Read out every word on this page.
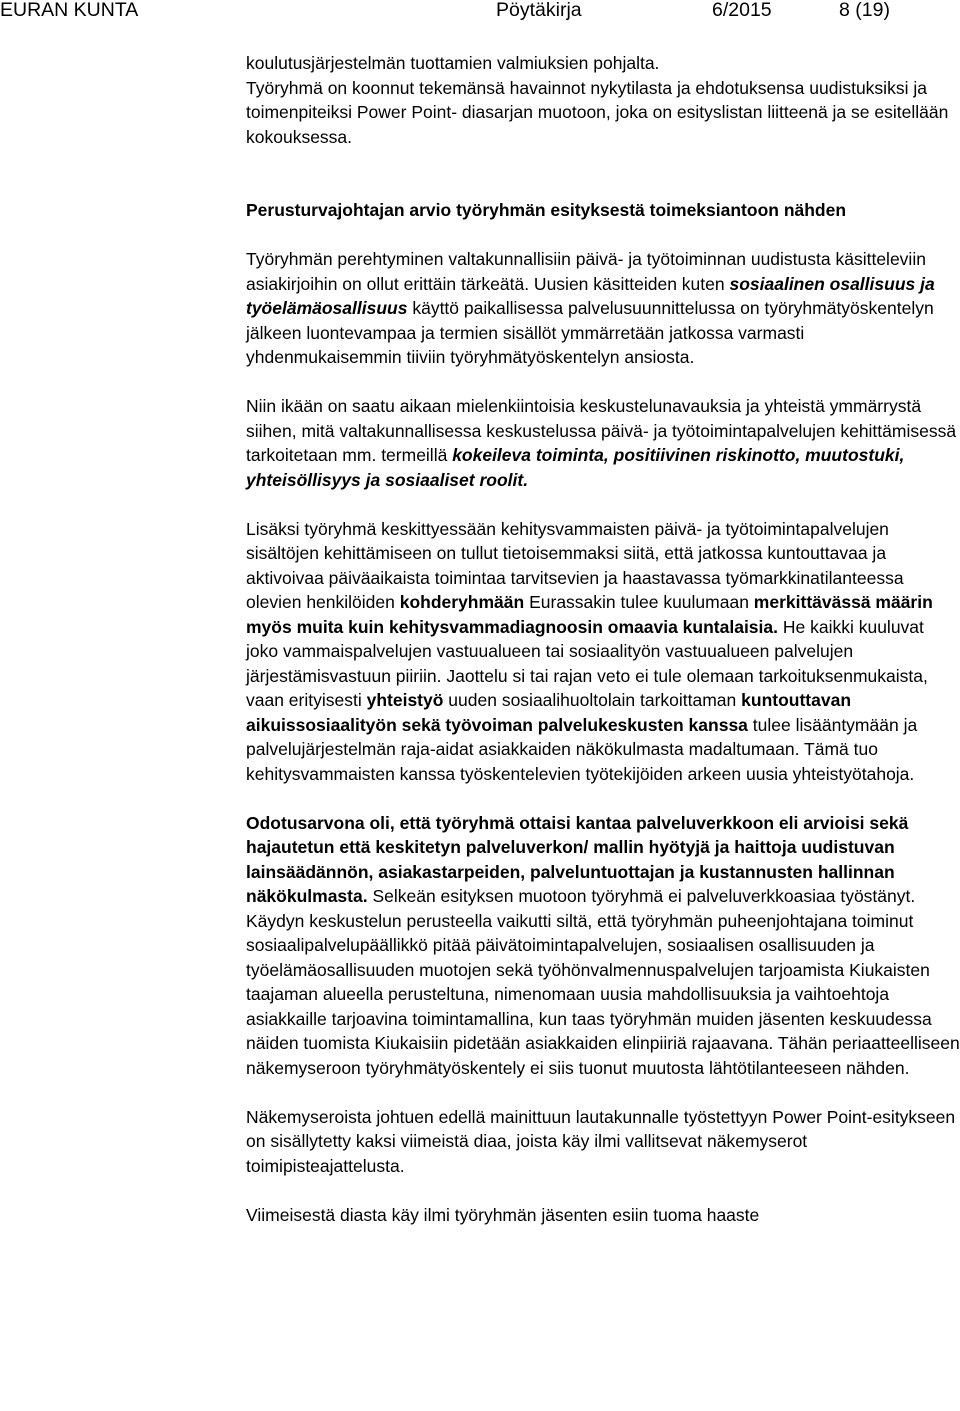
EURAN KUNTA	Pöytäkirja	6/2015	8 (19)

koulutusjärjestelmän tuottamien valmiuksien pohjalta.
Työryhmä on koonnut tekemänsä havainnot nykytilasta ja ehdotuksensa uudistuksiksi ja toimenpiteiksi Power Point- diasarjan muotoon, joka on esityslistan liitteenä ja se esitellään kokouksessa.

Perusturvajohtajan arvio työryhmän esityksestä toimeksiantoon nähden

Työryhmän perehtyminen valtakunnallisiin päivä- ja työtoiminnan uudistusta käsitteleviin asiakirjoihin on ollut erittäin tärkeätä. Uusien käsitteiden kuten sosiaalinen osallisuus ja työelämäosallisuus käyttö paikallisessa palvelusuunnittelussa on työryhmätyöskentelyn jälkeen luontevampaa ja termien sisällöt ymmärretään jatkossa varmasti yhdenmukaisemmin tiiviin työryhmätyöskentelyn ansiosta.

Niin ikään on saatu aikaan mielenkiintoisia keskustelunavauksia ja yhteistä ymmärrystä siihen, mitä valtakunnallisessa keskustelussa päivä- ja työtoimintapalvelujen kehittämisessä tarkoitetaan mm. termeillä kokeileva toiminta, positiivinen riskinotto, muutostuki, yhteisöllisyys ja sosiaaliset roolit.

Lisäksi työryhmä keskittyessään kehitysvammaisten päivä- ja työtoimintapalvelujen sisältöjen kehittämiseen on tullut tietoisemmaksi siitä, että jatkossa kuntouttavaa ja aktivoivaa päiväaikaista toimintaa tarvitsevien ja haastavassa työmarkkinatilanteessa olevien henkilöiden kohderyhmään Eurassakin tulee kuulumaan merkittävässä määrin myös muita kuin kehitysvammadiagnoosin omaavia kuntalaisia. He kaikki kuuluvat joko vammaispalvelujen vastuualueen tai sosiaalityön vastuualueen palvelujen järjestämisvastuun piiriin. Jaottelu si tai rajan veto ei tule olemaan tarkoituksenmukaista, vaan erityisesti yhteistyö uuden sosiaalihuoltolain tarkoittaman kuntouttavan aikuissosiaalityön sekä työvoiman palvelukeskusten kanssa tulee lisääntymään ja palvelujärjestelmän raja-aidat asiakkaiden näkökulmasta madaltumaan. Tämä tuo kehitysvammaisten kanssa työskentelevien työtekijöiden arkeen uusia yhteistyötahoja.

Odotusarvona oli, että työryhmä ottaisi kantaa palveluverkkoon eli arvioisi sekä hajautetun että keskitetyn palveluverkon/ mallin hyötyjä ja haittoja uudistuvan lainsäädännön, asiakastarpeiden, palveluntuottajan ja kustannusten hallinnan näkökulmasta. Selkeän esityksen muotoon työryhmä ei palveluverkkoasiaa työstänyt. Käydyn keskustelun perusteella vaikutti siltä, että työryhmän puheenjohtajana toiminut sosiaalipalvelupäällikkö pitää päivätoimintapalvelujen, sosiaalisen osallisuuden ja työelämäosallisuuden muotojen sekä työhönvalmennuspalvelujen tarjoamista Kiukaisten taajaman alueella perusteltuna, nimenomaan uusia mahdollisuuksia ja vaihtoehtoja asiakkaille tarjoavina toimintamallina, kun taas työryhmän muiden jäsenten keskuudessa näiden tuomista Kiukaisiin pidetään asiakkaiden elinpiiriä rajaavana. Tähän periaatteelliseen näkemyseroon työryhmätyöskentely ei siis tuonut muutosta lähtötilanteeseen nähden.

Näkemyseroista johtuen edellä mainittuun lautakunnalle työstettyyn Power Point-esitykseen on sisällytetty kaksi viimeistä diaa, joista käy ilmi vallitsevat näkemyserot toimipisteajattelusta.

Viimeisestä diasta käy ilmi työryhmän jäsenten esiin tuoma haaste
